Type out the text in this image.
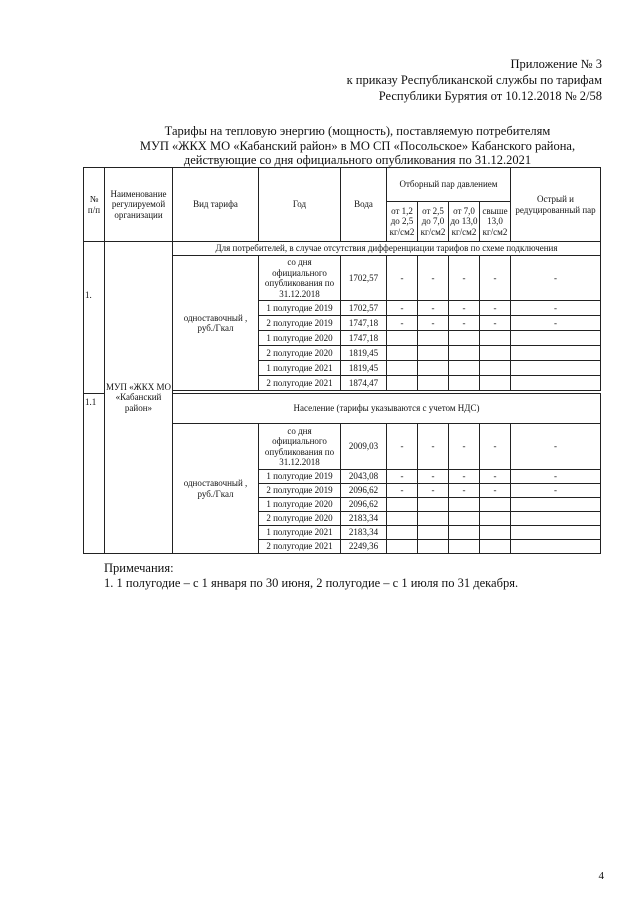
Приложение № 3
к приказу Республиканской службы по тарифам
Республики Бурятия от 10.12.2018 № 2/58
Тарифы на тепловую энергию (мощность), поставляемую потребителям
МУП «ЖКХ МО «Кабанский район» в МО СП «Посольское» Кабанского района,
действующие со дня официального опубликования по 31.12.2021
№ п/п	Наименование регулируемой организации	Вид тарифа	Год	Вода	Отборный пар давлением				Острый и редуцированный пар
					от 1,2 до 2,5 кг/см2	от 2,5 до 7,0 кг/см2	от 7,0 до 13,0 кг/см2	свыше 13,0 кг/см2	
1.	МУП «ЖКХ МО «Кабанский район»	Для потребителей, в случае отсутствия дифференциации тарифов по схеме подключения							
		одноставочный , руб./Гкал	со дня официального опубликования по 31.12.2018	1702,57	-	-	-	-	-
			1 полугодие 2019	1702,57	-	-	-	-	-
			2 полугодие 2019	1747,18	-	-	-	-	-
			1 полугодие 2020	1747,18					
			2 полугодие 2020	1819,45					
			1 полугодие 2021	1819,45					
			2 полугодие 2021	1874,47					

1.1		Население (тарифы указываются с учетом НДС)							
		одноставочный , руб./Гкал	со дня официального опубликования по 31.12.2018	2009,03	-	-	-	-	-
			1 полугодие 2019	2043,08	-	-	-	-	-
			2 полугодие 2019	2096,62	-	-	-	-	-
			1 полугодие 2020	2096,62					
			2 полугодие 2020	2183,34					
			1 полугодие 2021	2183,34					
			2 полугодие 2021	2249,36					
Примечания:
1. 1 полугодие – с 1 января по 30 июня, 2 полугодие – с 1 июля по 31 декабря.
4
